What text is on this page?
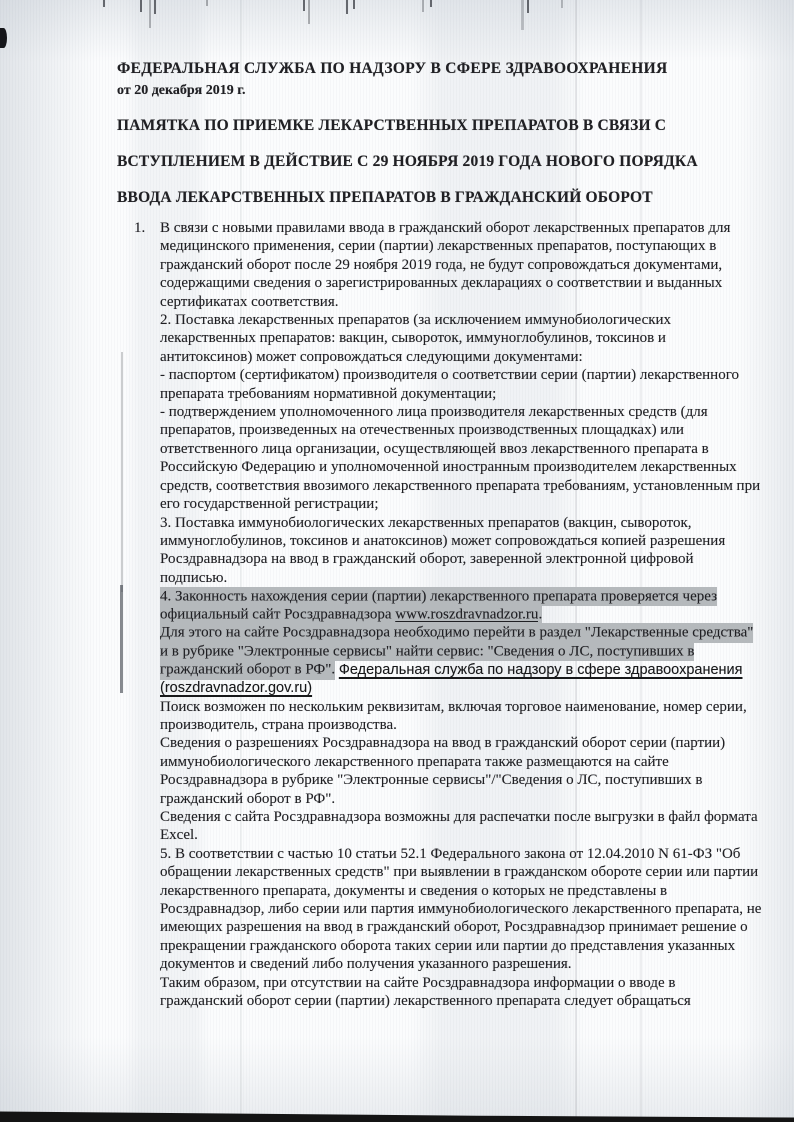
ФЕДЕРАЛЬНАЯ СЛУЖБА ПО НАДЗОРУ В СФЕРЕ ЗДРАВООХРАНЕНИЯ
от 20 декабря 2019 г.
ПАМЯТКА ПО ПРИЕМКЕ ЛЕКАРСТВЕННЫХ ПРЕПАРАТОВ В СВЯЗИ С
ВСТУПЛЕНИЕМ В ДЕЙСТВИЕ С 29 НОЯБРЯ 2019 ГОДА НОВОГО ПОРЯДКА
ВВОДА ЛЕКАРСТВЕННЫХ ПРЕПАРАТОВ В ГРАЖДАНСКИЙ ОБОРОТ

1. В связи с новыми правилами ввода в гражданский оборот лекарственных препаратов для медицинского применения, серии (партии) лекарственных препаратов, поступающих в гражданский оборот после 29 ноября 2019 года, не будут сопровождаться документами, содержащими сведения о зарегистрированных декларациях о соответствии и выданных сертификатах соответствия.

2. Поставка лекарственных препаратов (за исключением иммунобиологических лекарственных препаратов: вакцин, сывороток, иммуноглобулинов, токсинов и антитоксинов) может сопровождаться следующими документами:

- паспортом (сертификатом) производителя о соответствии серии (партии) лекарственного препарата требованиям нормативной документации;

- подтверждением уполномоченного лица производителя лекарственных средств (для препаратов, произведенных на отечественных производственных площадках) или ответственного лица организации, осуществляющей ввоз лекарственного препарата в Российскую Федерацию и уполномоченной иностранным производителем лекарственных средств, соответствия ввозимого лекарственного препарата требованиям, установленным при его государственной регистрации;

3. Поставка иммунобиологических лекарственных препаратов (вакцин, сывороток, иммуноглобулинов, токсинов и анатоксинов) может сопровождаться копией разрешения Росздравнадзора на ввод в гражданский оборот, заверенной электронной цифровой подписью.

4. Законность нахождения серии (партии) лекарственного препарата проверяется через официальный сайт Росздравнадзора www.roszdravnadzor.ru.
Для этого на сайте Росздравнадзора необходимо перейти в раздел "Лекарственные средства" и в рубрике "Электронные сервисы" найти сервис: "Сведения о ЛС, поступивших в гражданский оборот в РФ". Федеральная служба по надзору в сфере здравоохранения (roszdravnadzor.gov.ru)

Поиск возможен по нескольким реквизитам, включая торговое наименование, номер серии, производитель, страна производства.

Сведения о разрешениях Росздравнадзора на ввод в гражданский оборот серии (партии) иммунобиологического лекарственного препарата также размещаются на сайте Росздравнадзора в рубрике "Электронные сервисы"/"Сведения о ЛС, поступивших в гражданский оборот в РФ".

Сведения с сайта Росздравнадзора возможны для распечатки после выгрузки в файл формата Excel.

5. В соответствии с частью 10 статьи 52.1 Федерального закона от 12.04.2010 N 61-ФЗ "Об обращении лекарственных средств" при выявлении в гражданском обороте серии или партии лекарственного препарата, документы и сведения о которых не представлены в Росздравнадзор, либо серии или партия иммунобиологического лекарственного препарата, не имеющих разрешения на ввод в гражданский оборот, Росздравнадзор принимает решение о прекращении гражданского оборота таких серии или партии до представления указанных документов и сведений либо получения указанного разрешения.

Таким образом, при отсутствии на сайте Росздравнадзора информации о вводе в гражданский оборот серии (партии) лекарственного препарата следует обращаться
